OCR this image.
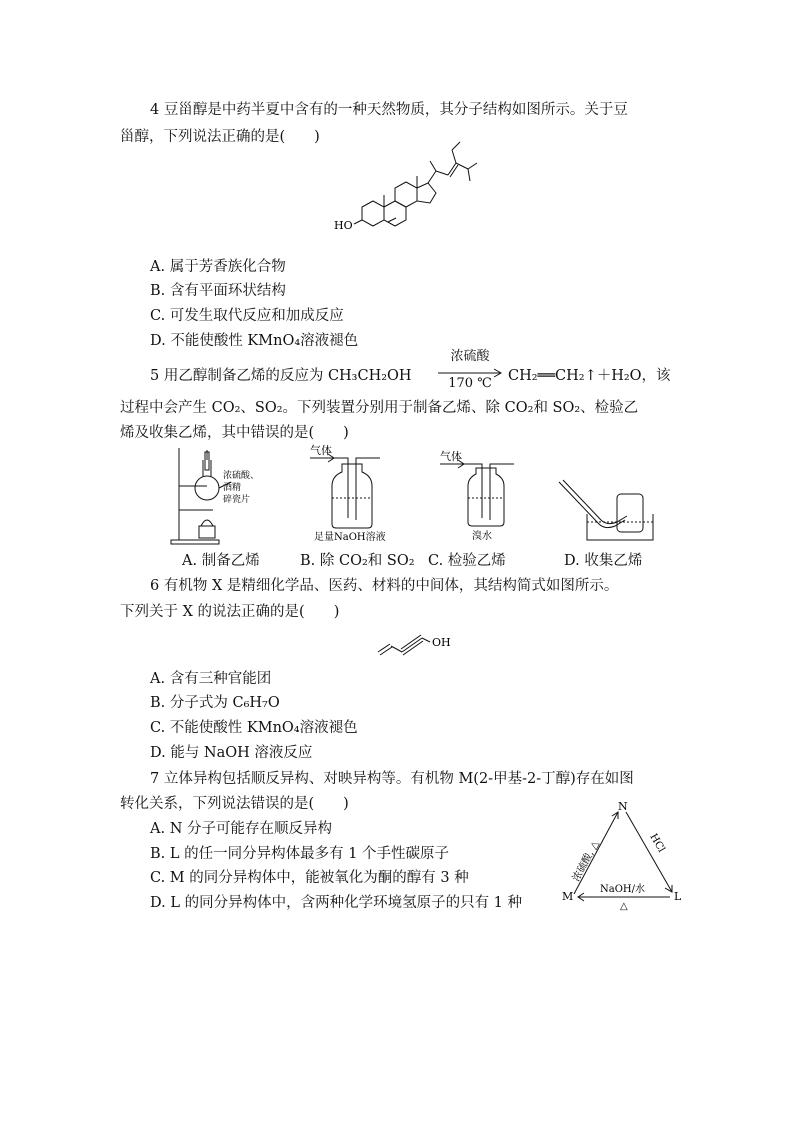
4 豆甾醇是中药半夏中含有的一种天然物质，其分子结构如图所示。关于豆
甾醇，下列说法正确的是(　　)
HO
A. 属于芳香族化合物
B. 含有平面环状结构
C. 可发生取代反应和加成反应
D. 不能使酸性 KMnO₄溶液褪色
5 用乙醇制备乙烯的反应为 CH₃CH₂OH
浓硫酸
170 ℃	CH₂══CH₂↑＋H₂O，该
过程中会产生 CO₂、SO₂。下列装置分别用于制备乙烯、除 CO₂和 SO₂、检验乙
烯及收集乙烯，其中错误的是(　　)
浓硫酸、
酒精
碎瓷片
气体
足量NaOH溶液
气体
溴水
A. 制备乙烯	B. 除 CO₂和 SO₂ C. 检验乙烯	D. 收集乙烯
6 有机物 X 是精细化学品、医药、材料的中间体，其结构简式如图所示。
下列关于 X 的说法正确的是(　　)
OH
A. 含有三种官能团
B. 分子式为 C₆H₇O
C. 不能使酸性 KMnO₄溶液褪色
D. 能与 NaOH 溶液反应
7 立体异构包括顺反异构、对映异构等。有机物 M(2-甲基-2-丁醇)存在如图
转化关系，下列说法错误的是(　　)
A. N 分子可能存在顺反异构
B. L 的任一同分异构体最多有 1 个手性碳原子
C. M 的同分异构体中，能被氧化为酮的醇有 3 种
D. L 的同分异构体中，含两种化学环境氢原子的只有 1 种
N
M	L
浓硫酸, △	HCl
NaOH/水
△
